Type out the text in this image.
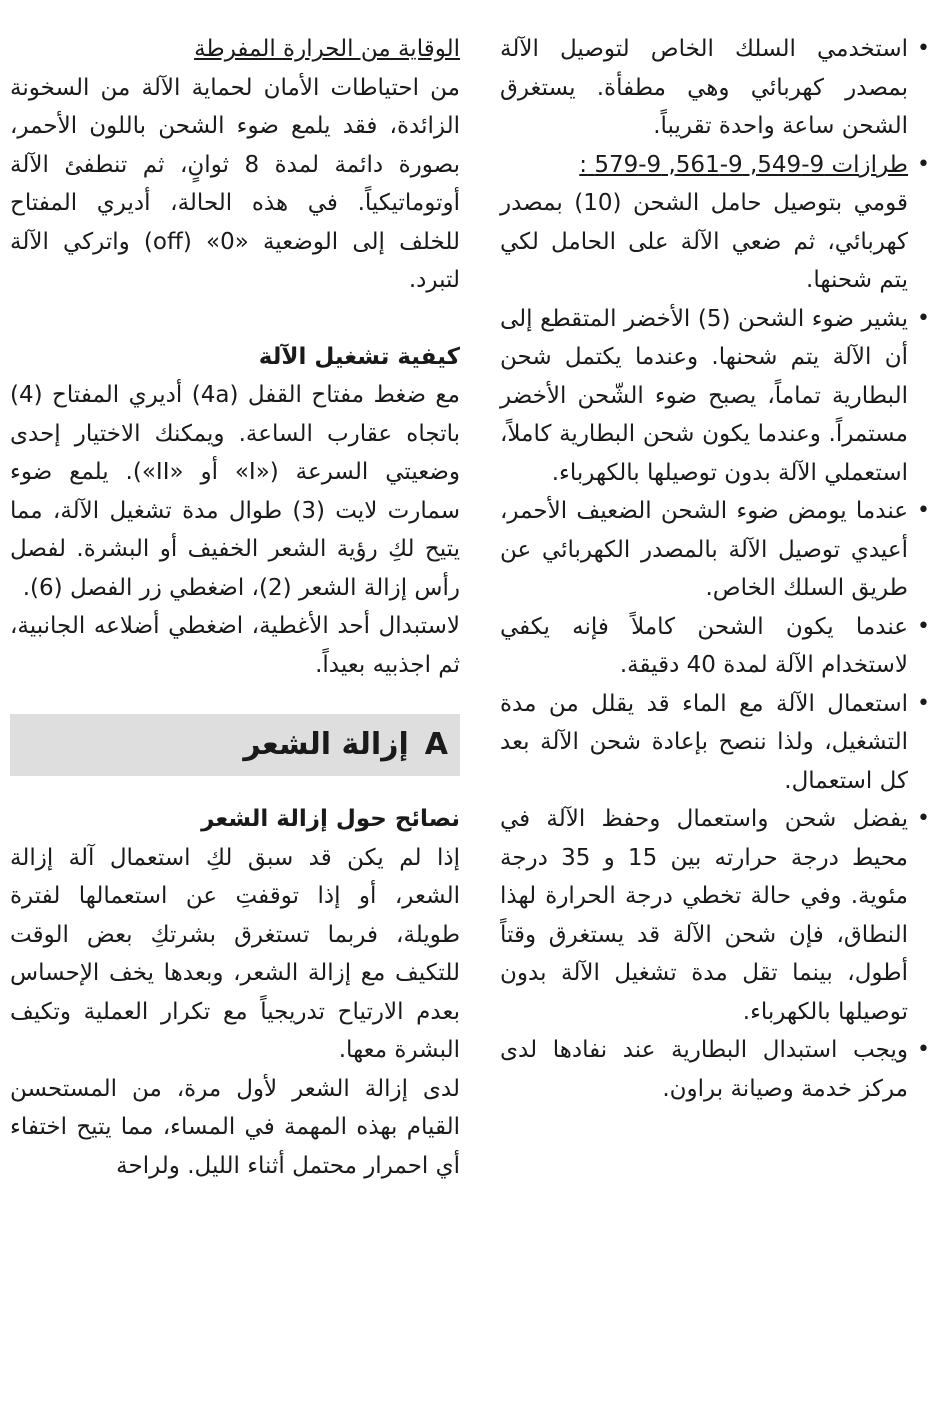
•
استخدمي السلك الخاص لتوصيل الآلة بمصدر كهربائي وهي مطفأة. يستغرق الشحن ساعة واحدة تقريباً.
•
طرازات 9-549, 9-561, 9-579 :
قومي بتوصيل حامل الشحن (10) بمصدر كهربائي، ثم ضعي الآلة على الحامل لكي يتم شحنها.
•
يشير ضوء الشحن (5) الأخضر المتقطع إلى أن الآلة يتم شحنها. وعندما يكتمل شحن البطارية تماماً، يصبح ضوء الشّحن الأخضر مستمراً. وعندما يكون شحن البطارية كاملاً، استعملي الآلة بدون توصيلها بالكهرباء.
•
عندما يومض ضوء الشحن الضعيف الأحمر، أعيدي توصيل الآلة بالمصدر الكهربائي عن طريق السلك الخاص.
•
عندما يكون الشحن كاملاً فإنه يكفي لاستخدام الآلة لمدة 40 دقيقة.
•
استعمال الآلة مع الماء قد يقلل من مدة التشغيل، ولذا ننصح بإعادة شحن الآلة بعد كل استعمال.
•
يفضل شحن واستعمال وحفظ الآلة في محيط درجة حرارته بين 15 و 35 درجة مئوية. وفي حالة تخطي درجة الحرارة لهذا النطاق، فإن شحن الآلة قد يستغرق وقتاً أطول، بينما تقل مدة تشغيل الآلة بدون توصيلها بالكهرباء.
•
ويجب استبدال البطارية عند نفادها لدى مركز خدمة وصيانة براون.
الوقاية من الحرارة المفرطة

من احتياطات الأمان لحماية الآلة من السخونة الزائدة، فقد يلمع ضوء الشحن باللون الأحمر، بصورة دائمة لمدة 8 ثوانٍ، ثم تنطفئ الآلة أوتوماتيكياً. في هذه الحالة، أديري المفتاح للخلف إلى الوضعية «0» (off) واتركي الآلة لتبرد.

كيفية تشغيل الآلة

مع ضغط مفتاح القفل (4a) أديري المفتاح (4) باتجاه عقارب الساعة. ويمكنك الاختيار إحدى وضعيتي السرعة («I» أو «II»). يلمع ضوء سمارت لايت (3) طوال مدة تشغيل الآلة، مما يتيح لكِ رؤية الشعر الخفيف أو البشرة. لفصل رأس إزالة الشعر (2)، اضغطي زر الفصل (6).

لاستبدال أحد الأغطية، اضغطي أضلاعه الجانبية، ثم اجذبيه بعيداً.

A
إزالة الشعر
نصائح حول إزالة الشعر

إذا لم يكن قد سبق لكِ استعمال آلة إزالة الشعر، أو إذا توقفتِ عن استعمالها لفترة طويلة، فربما تستغرق بشرتكِ بعض الوقت للتكيف مع إزالة الشعر، وبعدها يخف الإحساس بعدم الارتياح تدريجياً مع تكرار العملية وتكيف البشرة معها.

لدى إزالة الشعر لأول مرة، من المستحسن القيام بهذه المهمة في المساء، مما يتيح اختفاء أي احمرار محتمل أثناء الليل. ولراحة
